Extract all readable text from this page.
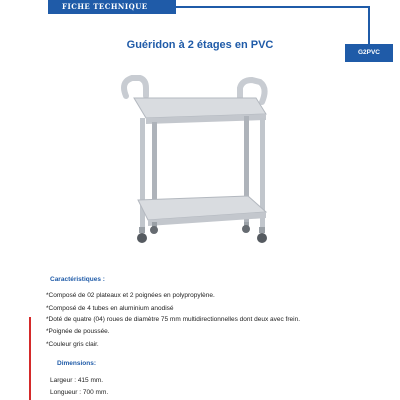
FICHE TECHNIQUE
G2PVC
Guéridon à 2 étages en PVC
Caractéristiques :
*Composé de 02 plateaux et 2 poignées en polypropylène.
*Composé de 4 tubes en aluminium anodisé
*Doté de quatre (04) roues de diamètre 75 mm multidirectionnelles dont deux avec frein.
*Poignée de poussée.
*Couleur gris clair.
Dimensions:
Largeur : 415 mm.
Longueur : 700 mm.
